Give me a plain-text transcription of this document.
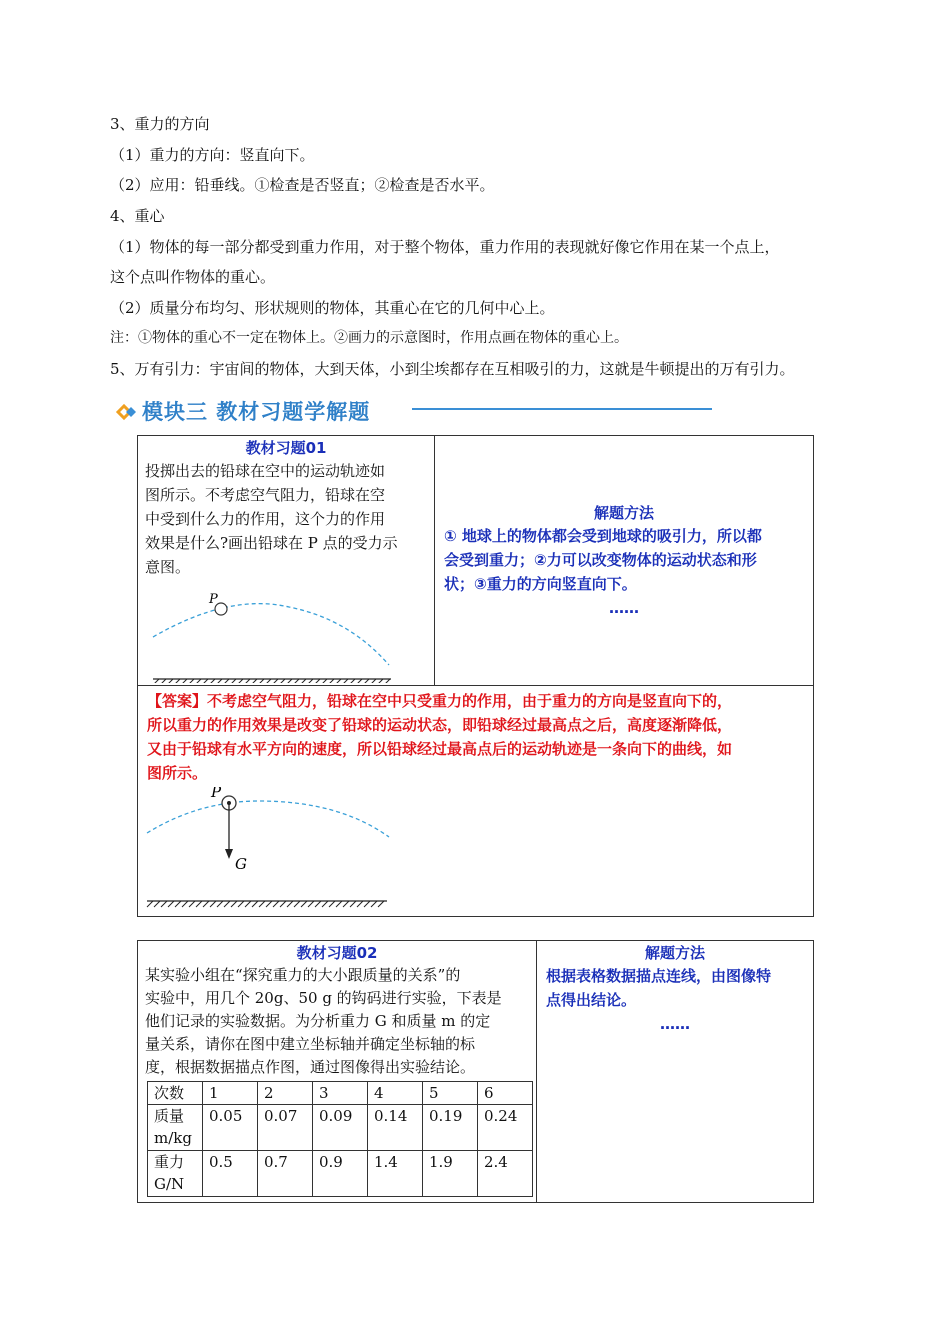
3、重力的方向
（1）重力的方向：竖直向下。
（2）应用：铅垂线。①检查是否竖直；②检查是否水平。
4、重心
（1）物体的每一部分都受到重力作用，对于整个物体，重力作用的表现就好像它作用在某一个点上，
这个点叫作物体的重心。
（2）质量分布均匀、形状规则的物体，其重心在它的几何中心上。
注：①物体的重心不一定在物体上。②画力的示意图时，作用点画在物体的重心上。
5、万有引力：宇宙间的物体，大到天体，小到尘埃都存在互相吸引的力，这就是牛顿提出的万有引力。
模块三 教材习题学解题
教材习题01
投掷出去的铅球在空中的运动轨迹如
图所示。不考虑空气阻力，铅球在空
中受到什么力的作用，这个力的作用
效果是什么?画出铅球在 P 点的受力示
意图。
P

解题方法
① 地球上的物体都会受到地球的吸引力，所以都
会受到重力；②力可以改变物体的运动状态和形
状；③重力的方向竖直向下。
……

【答案】不考虑空气阻力，铅球在空中只受重力的作用，由于重力的方向是竖直向下的，
所以重力的作用效果是改变了铅球的运动状态，即铅球经过最高点之后，高度逐渐降低，
又由于铅球有水平方向的速度，所以铅球经过最高点后的运动轨迹是一条向下的曲线，如
图所示。
P
G
教材习题02
某实验小组在“探究重力的大小跟质量的关系”的
实验中，用几个 20g、50 g 的钩码进行实验，下表是
他们记录的实验数据。为分析重力 G 和质量 m 的定
量关系，请你在图中建立坐标轴并确定坐标轴的标
度，根据数据描点作图，通过图像得出实验结论。
次数	1	2	3	4	5	6
质量 m/kg	0.05	0.07	0.09	0.14	0.19	0.24
重力 G/N	0.5	0.7	0.9	1.4	1.9	2.4

解题方法
根据表格数据描点连线，由图像特
点得出结论。
……
